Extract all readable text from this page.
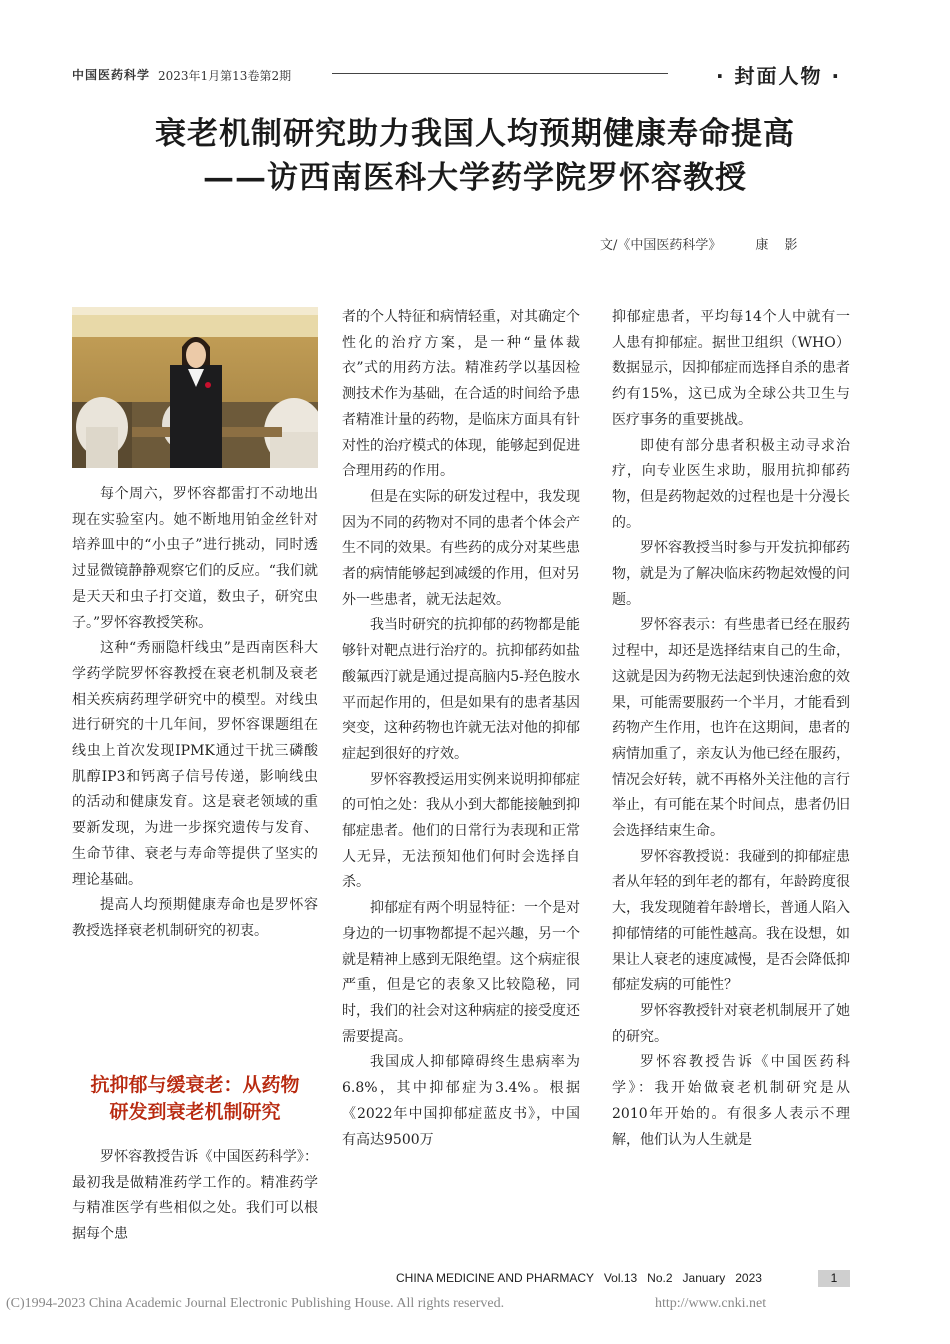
中国医药科学 2023年1月第13卷第2期	· 封面人物 ·
衰老机制研究助力我国人均预期健康寿命提高
——访西南医科大学药学院罗怀容教授
文/《中国医药科学》	康 影

每个周六，罗怀容都雷打不动地出现在实验室内。她不断地用铂金丝针对培养皿中的“小虫子”进行挑动，同时透过显微镜静静观察它们的反应。“我们就是天天和虫子打交道，数虫子，研究虫子。”罗怀容教授笑称。

这种“秀丽隐杆线虫”是西南医科大学药学院罗怀容教授在衰老机制及衰老相关疾病药理学研究中的模型。对线虫进行研究的十几年间，罗怀容课题组在线虫上首次发现IPMK通过干扰三磷酸肌醇IP3和钙离子信号传递，影响线虫的活动和健康发育。这是衰老领域的重要新发现，为进一步探究遗传与发育、生命节律、衰老与寿命等提供了坚实的理论基础。

提高人均预期健康寿命也是罗怀容教授选择衰老机制研究的初衷。

抗抑郁与缓衰老：从药物
研发到衰老机制研究

罗怀容教授告诉《中国医药科学》：最初我是做精准药学工作的。精准药学与精准医学有些相似之处。我们可以根据每个患

者的个人特征和病情轻重，对其确定个性化的治疗方案，是一种“量体裁衣”式的用药方法。精准药学以基因检测技术作为基础，在合适的时间给予患者精准计量的药物，是临床方面具有针对性的治疗模式的体现，能够起到促进合理用药的作用。

但是在实际的研发过程中，我发现因为不同的药物对不同的患者个体会产生不同的效果。有些药的成分对某些患者的病情能够起到减缓的作用，但对另外一些患者，就无法起效。

我当时研究的抗抑郁的药物都是能够针对靶点进行治疗的。抗抑郁药如盐酸氟西汀就是通过提高脑内5-羟色胺水平而起作用的，但是如果有的患者基因突变，这种药物也许就无法对他的抑郁症起到很好的疗效。

罗怀容教授运用实例来说明抑郁症的可怕之处：我从小到大都能接触到抑郁症患者。他们的日常行为表现和正常人无异，无法预知他们何时会选择自杀。

抑郁症有两个明显特征：一个是对身边的一切事物都提不起兴趣，另一个就是精神上感到无限绝望。这个病症很严重，但是它的表象又比较隐秘，同时，我们的社会对这种病症的接受度还需要提高。

我国成人抑郁障碍终生患病率为6.8%，其中抑郁症为3.4%。根据《2022年中国抑郁症蓝皮书》，中国有高达9500万

抑郁症患者，平均每14个人中就有一人患有抑郁症。据世卫组织（WHO）数据显示，因抑郁症而选择自杀的患者约有15%，这已成为全球公共卫生与医疗事务的重要挑战。

即使有部分患者积极主动寻求治疗，向专业医生求助，服用抗抑郁药物，但是药物起效的过程也是十分漫长的。

罗怀容教授当时参与开发抗抑郁药物，就是为了解决临床药物起效慢的问题。

罗怀容表示：有些患者已经在服药过程中，却还是选择结束自己的生命，这就是因为药物无法起到快速治愈的效果，可能需要服药一个半月，才能看到药物产生作用，也许在这期间，患者的病情加重了，亲友认为他已经在服药，情况会好转，就不再格外关注他的言行举止，有可能在某个时间点，患者仍旧会选择结束生命。

罗怀容教授说：我碰到的抑郁症患者从年轻的到年老的都有，年龄跨度很大，我发现随着年龄增长，普通人陷入抑郁情绪的可能性越高。我在设想，如果让人衰老的速度减慢，是否会降低抑郁症发病的可能性？

罗怀容教授针对衰老机制展开了她的研究。

罗怀容教授告诉《中国医药科学》：我开始做衰老机制研究是从2010年开始的。有很多人表示不理解，他们认为人生就是

CHINA MEDICINE AND PHARMACY   Vol.13   No.2   January   2023	1
(C)1994-2023 China Academic Journal Electronic Publishing House. All rights reserved.	http://www.cnki.net
